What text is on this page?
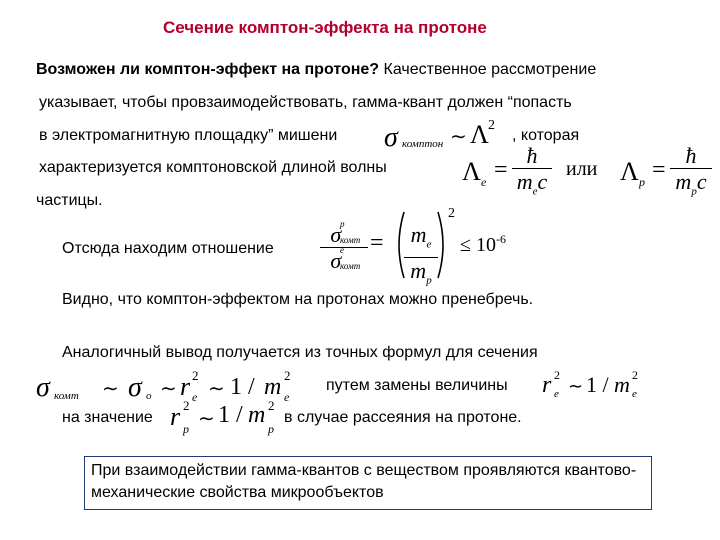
Сечение комптон-эффекта на протоне
Возможен ли комптон-эффект на протоне? Качественное рассмотрение
указывает, чтобы провзаимодействовать, гамма-квант должен “попасть
в электромагнитную площадку” мишени	, которая
характеризуется комптоновской длиной волны
частицы.
σ комптон ∼ Λ 2
Λ e =
ħ
$m_ec$ или Λ p =
ħ
$m_pc$
Отсюда находим отношение
σ
p
комт

σ
e
комт

= $\frac{m_e}{m_p}$
2
≤ 10 -6
Видно, что комптон-эффектом на протонах можно пренебречь.
Аналогичный вывод получается из точных формул для сечения
σ комт ∼ σ o ∼ r 2
e ∼ 1 / m 2
e
путем замены величины r 2
e ∼ 1 / m 2
e
на значение r 2
p ∼ 1 / m 2
p
в случае рассеяния на протоне.
При взаимодействии гамма-квантов с веществом проявляются квантово-механические свойства микрообъектов
